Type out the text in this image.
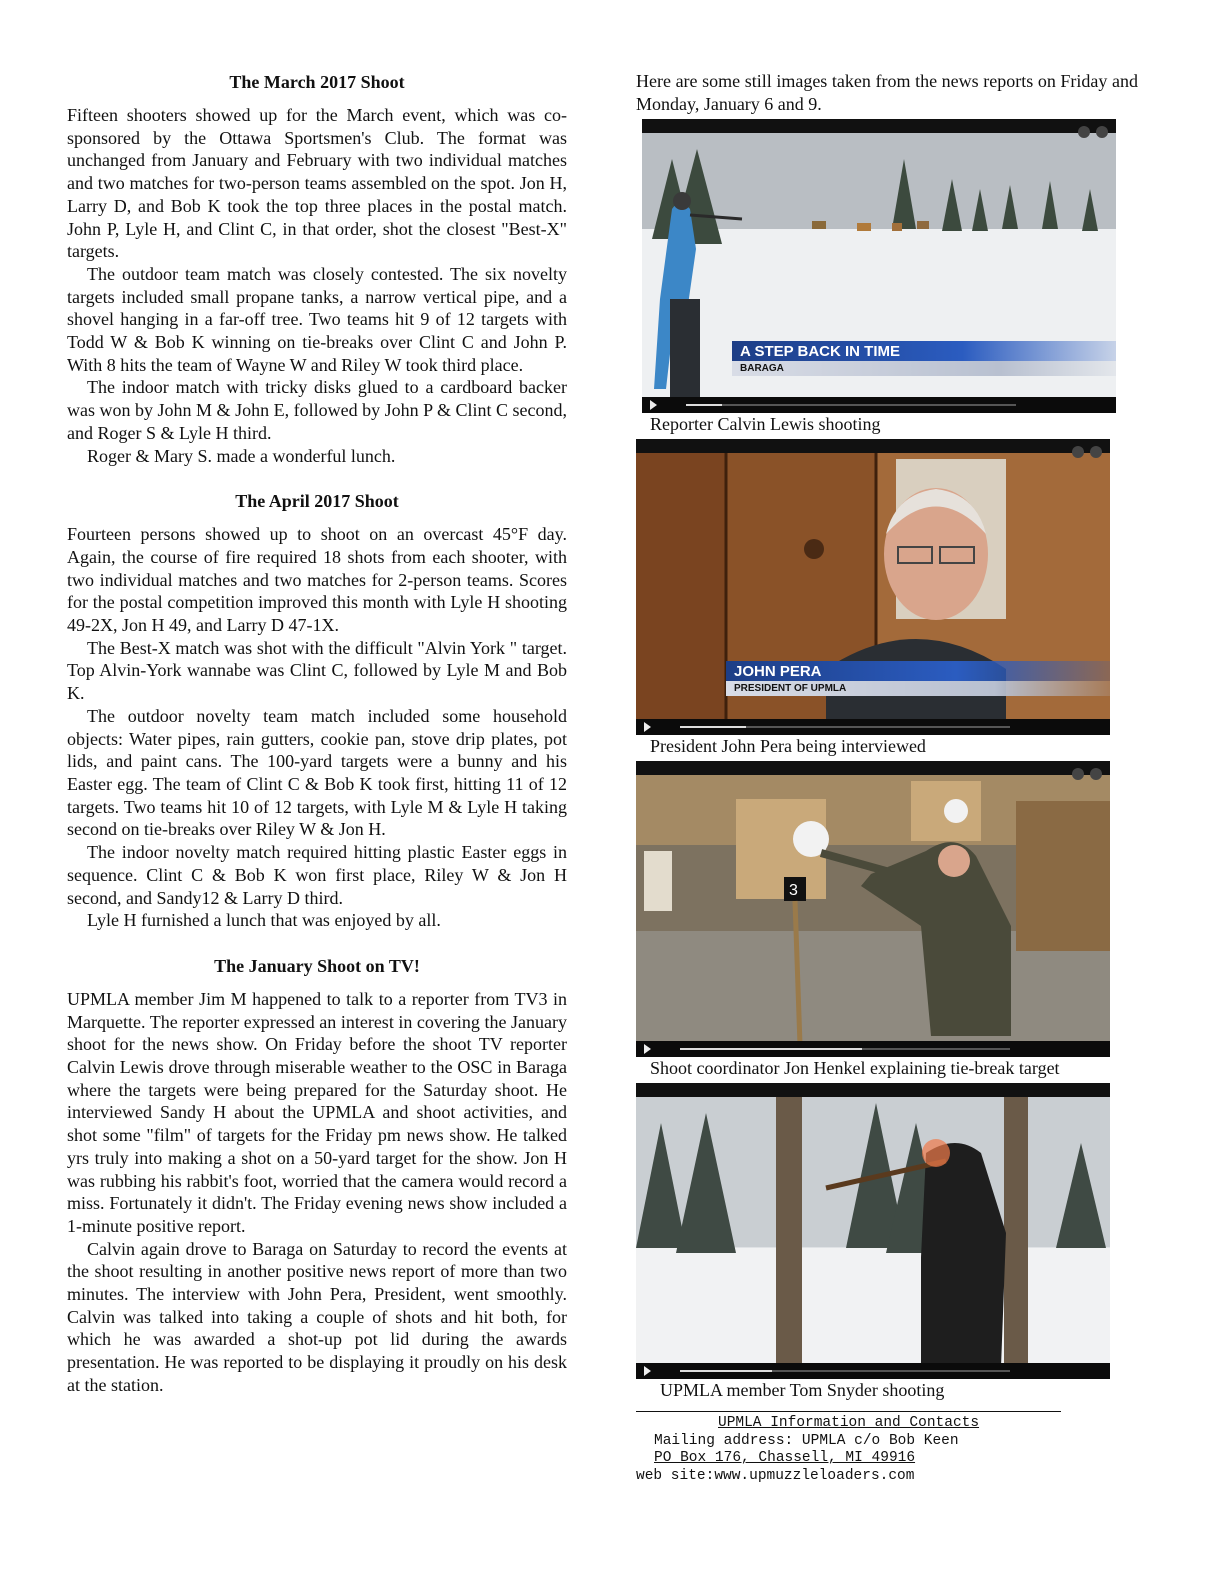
The March 2017 Shoot

Fifteen shooters showed up for the March event, which was co-sponsored by the Ottawa Sportsmen's Club. The format was unchanged from January and February with two individual matches and two matches for two-person teams assembled on the spot. Jon H, Larry D, and Bob K took the top three places in the postal match. John P, Lyle H, and Clint C, in that order, shot the closest "Best-X" targets.

The outdoor team match was closely contested. The six novelty targets included small propane tanks, a narrow vertical pipe, and a shovel hanging in a far-off tree. Two teams hit 9 of 12 targets with Todd W & Bob K winning on tie-breaks over Clint C and John P. With 8 hits the team of Wayne W and Riley W took third place.

The indoor match with tricky disks glued to a cardboard backer was won by John M & John E, followed by John P & Clint C second, and Roger S & Lyle H third.

Roger & Mary S. made a wonderful lunch.

The April 2017 Shoot

Fourteen persons showed up to shoot on an overcast 45°F day. Again, the course of fire required 18 shots from each shooter, with two individual matches and two matches for 2-person teams. Scores for the postal competition improved this month with Lyle H shooting 49-2X, Jon H 49, and Larry D 47-1X.

The Best-X match was shot with the difficult "Alvin York " target. Top Alvin-York wannabe was Clint C, followed by Lyle M and Bob K.

The outdoor novelty team match included some household objects: Water pipes, rain gutters, cookie pan, stove drip plates, pot lids, and paint cans. The 100-yard targets were a bunny and his Easter egg. The team of Clint C & Bob K took first, hitting 11 of 12 targets. Two teams hit 10 of 12 targets, with Lyle M & Lyle H taking second on tie-breaks over Riley W & Jon H.

The indoor novelty match required hitting plastic Easter eggs in sequence. Clint C & Bob K won first place, Riley W & Jon H second, and Sandy12 & Larry D third.

Lyle H furnished a lunch that was enjoyed by all.

The January Shoot on TV!

UPMLA member Jim M happened to talk to a reporter from TV3 in Marquette. The reporter expressed an interest in covering the January shoot for the news show. On Friday before the shoot TV reporter Calvin Lewis drove through miserable weather to the OSC in Baraga where the targets were being prepared for the Saturday shoot. He interviewed Sandy H about the UPMLA and shoot activities, and shot some "film" of targets for the Friday pm news show. He talked yrs truly into making a shot on a 50-yard target for the show. Jon H was rubbing his rabbit's foot, worried that the camera would record a miss. Fortunately it didn't. The Friday evening news show included a 1-minute positive report.

Calvin again drove to Baraga on Saturday to record the events at the shoot resulting in another positive news report of more than two minutes. The interview with John Pera, President, went smoothly. Calvin was talked into taking a couple of shots and hit both, for which he was awarded a shot-up pot lid during the awards presentation. He was reported to be displaying it proudly on his desk at the station.

Here are some still images taken from the news reports on Friday and Monday, January 6 and 9.

A STEP BACK IN TIME
BARAGA

Reporter Calvin Lewis shooting

JOHN PERA
PRESIDENT OF UPMLA

President John Pera being interviewed

3

Shoot coordinator Jon Henkel explaining tie-break target

UPMLA member Tom Snyder shooting

UPMLA Information and Contacts
Mailing address: UPMLA c/o Bob Keen
PO Box 176, Chassell, MI 49916
web site:www.upmuzzleloaders.com
